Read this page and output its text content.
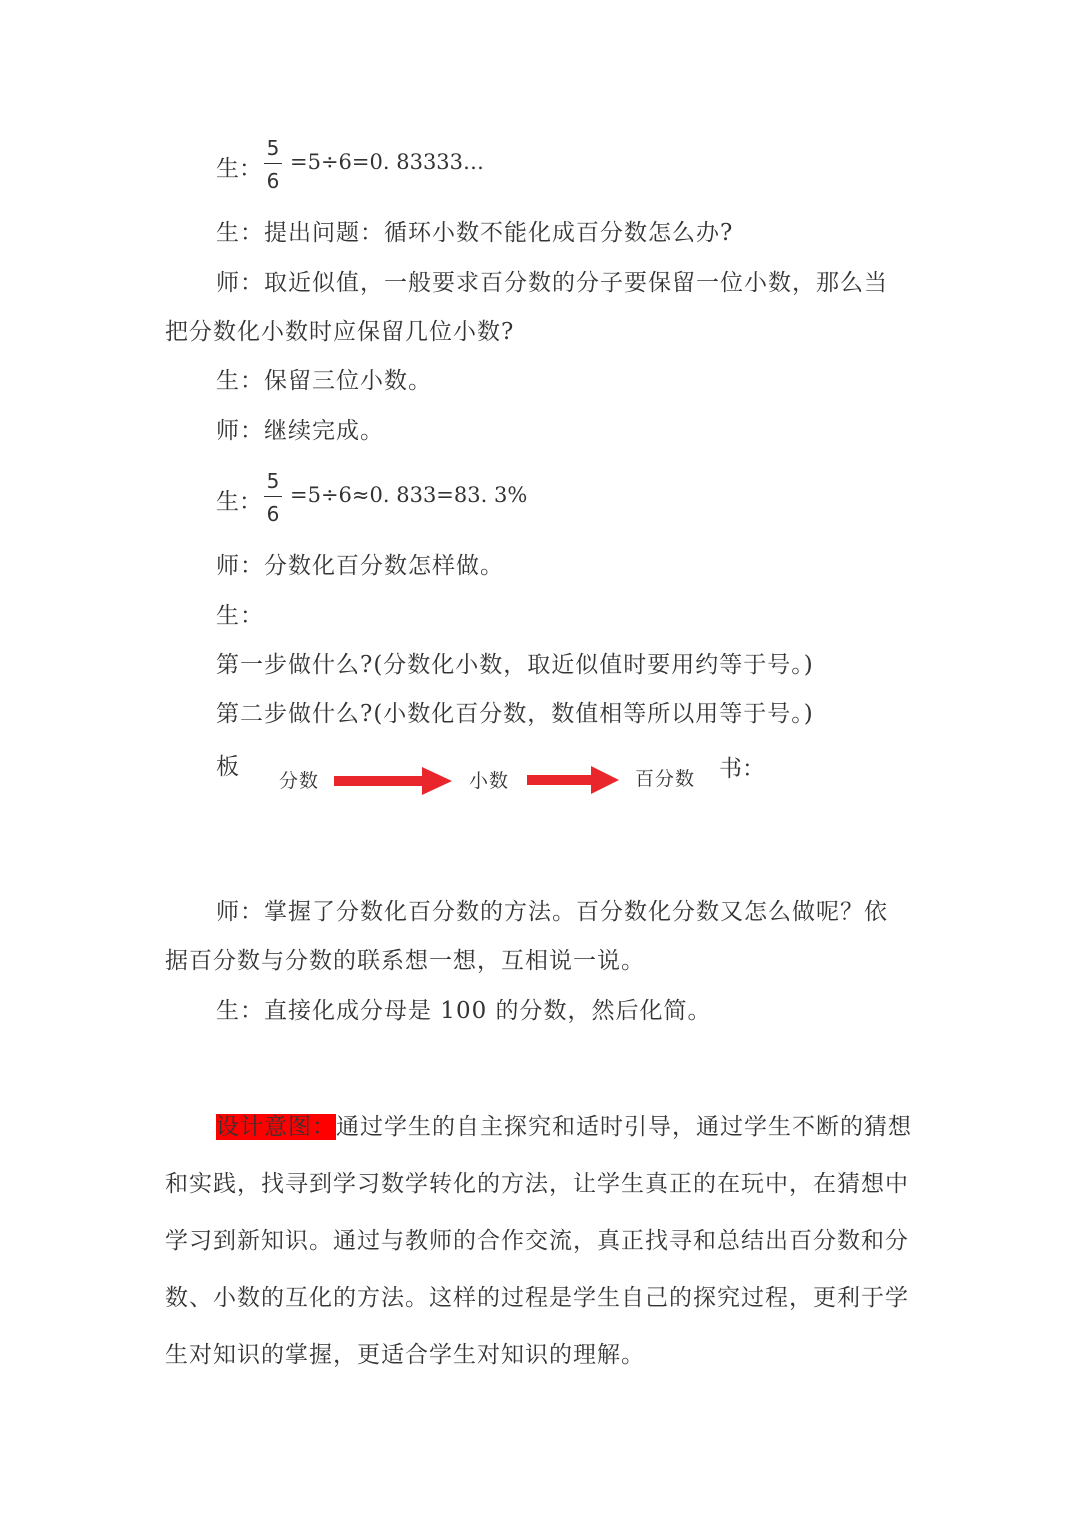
生： $\frac{5}{6} =5\div 6=0$. 83333…
生：提出问题：循环小数不能化成百分数怎么办?
师：取近似值，一般要求百分数的分子要保留一位小数，那么当
把分数化小数时应保留几位小数?
生：保留三位小数。
师：继续完成。
生： $\frac{5}{6} =5\div 6\approx 0$. 833=83. 3%
师：分数化百分数怎样做。
生：
第一步做什么?(分数化小数，取近似值时要用约等于号。)
第二步做什么?(小数化百分数，数值相等所以用等于号。)
板
分数	小数	百分数 书：
师：掌握了分数化百分数的方法。百分数化分数又怎么做呢？依
据百分数与分数的联系想一想，互相说一说。
生：直接化成分母是 100 的分数，然后化简。
设计意图：通过学生的自主探究和适时引导，通过学生不断的猜想和实践，找寻到学习数学转化的方法，让学生真正的在玩中，在猜想中学习到新知识。通过与教师的合作交流，真正找寻和总结出百分数和分数、小数的互化的方法。这样的过程是学生自己的探究过程，更利于学生对知识的掌握，更适合学生对知识的理解。
